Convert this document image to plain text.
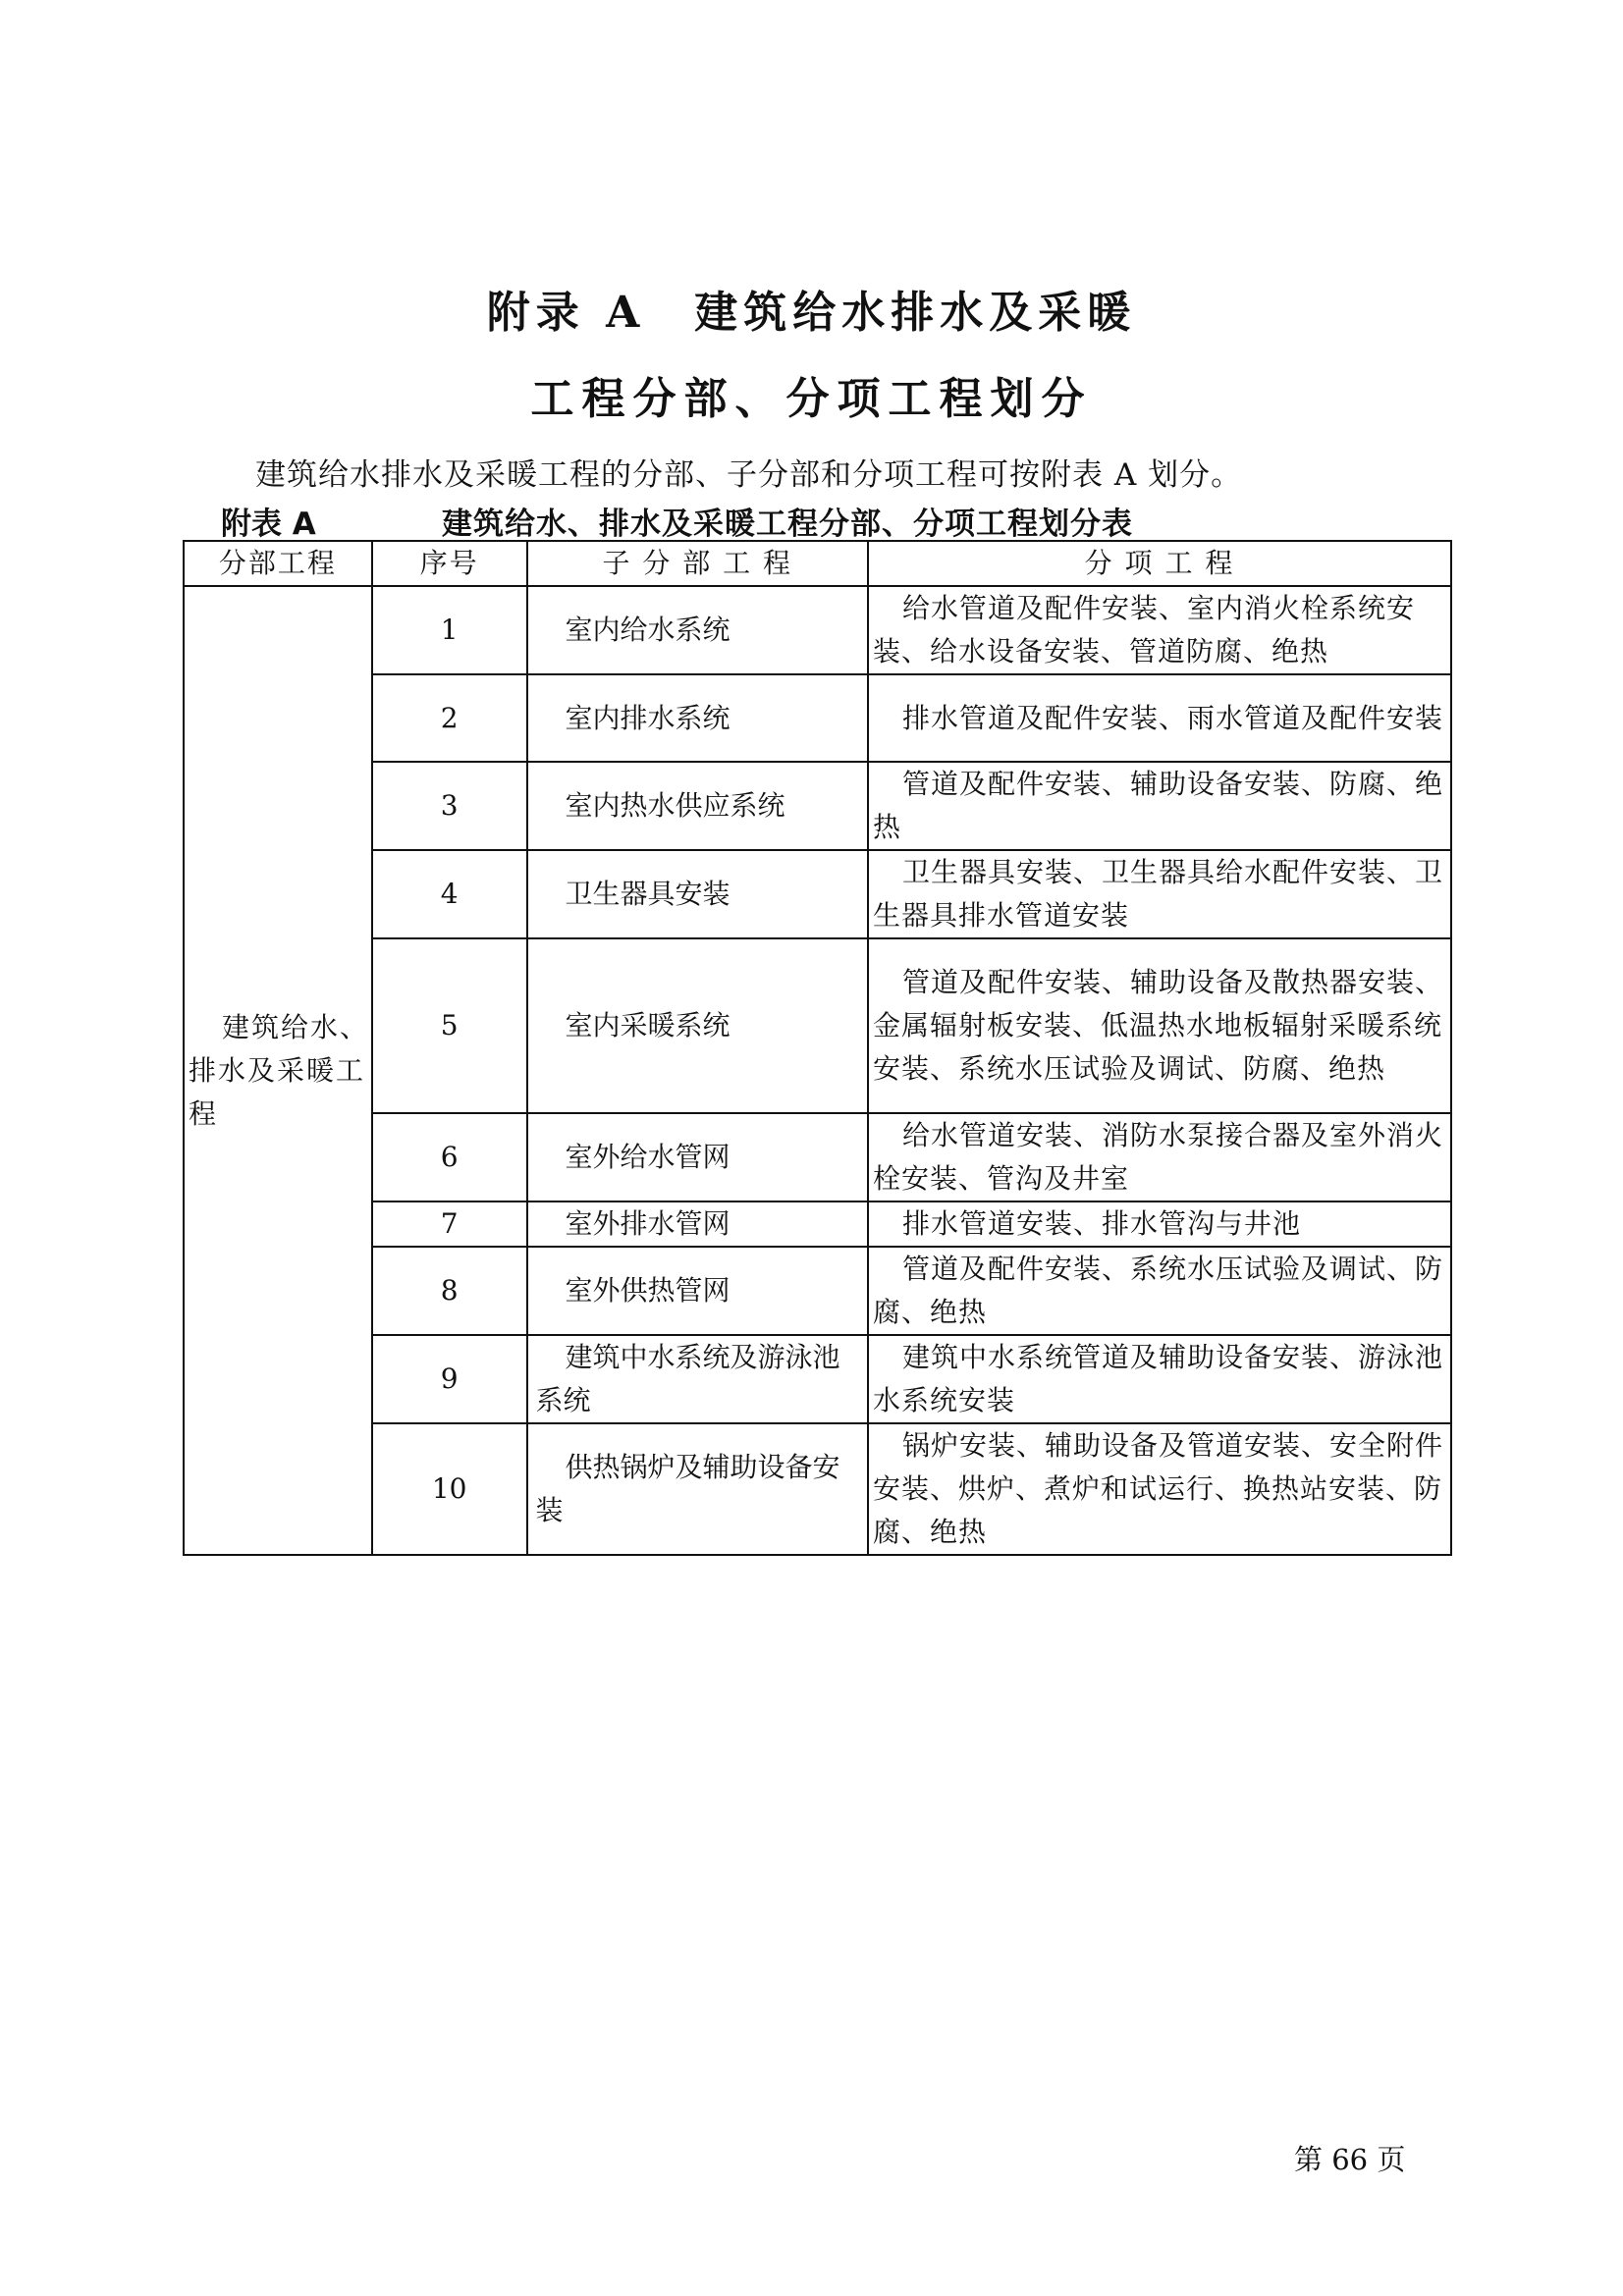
附录 A　建筑给水排水及采暖
工程分部、分项工程划分
建筑给水排水及采暖工程的分部、子分部和分项工程可按附表 A 划分。
附表 A	建筑给水、排水及采暖工程分部、分项工程划分表
分部工程	序号	子 分 部 工 程	分 项 工 程
建筑给水、排水及采暖工程	1	室内给水系统	给水管道及配件安装、室内消火栓系统安装、给水设备安装、管道防腐、绝热
	2	室内排水系统	排水管道及配件安装、雨水管道及配件安装
	3	室内热水供应系统	管道及配件安装、辅助设备安装、防腐、绝热
	4	卫生器具安装	卫生器具安装、卫生器具给水配件安装、卫生器具排水管道安装
	5	室内采暖系统	管道及配件安装、辅助设备及散热器安装、金属辐射板安装、低温热水地板辐射采暖系统安装、系统水压试验及调试、防腐、绝热
	6	室外给水管网	给水管道安装、消防水泵接合器及室外消火栓安装、管沟及井室
	7	室外排水管网	排水管道安装、排水管沟与井池
	8	室外供热管网	管道及配件安装、系统水压试验及调试、防腐、绝热
	9	建筑中水系统及游泳池系统	建筑中水系统管道及辅助设备安装、游泳池水系统安装
	10	供热锅炉及辅助设备安装	锅炉安装、辅助设备及管道安装、安全附件安装、烘炉、煮炉和试运行、换热站安装、防腐、绝热
第 66 页
